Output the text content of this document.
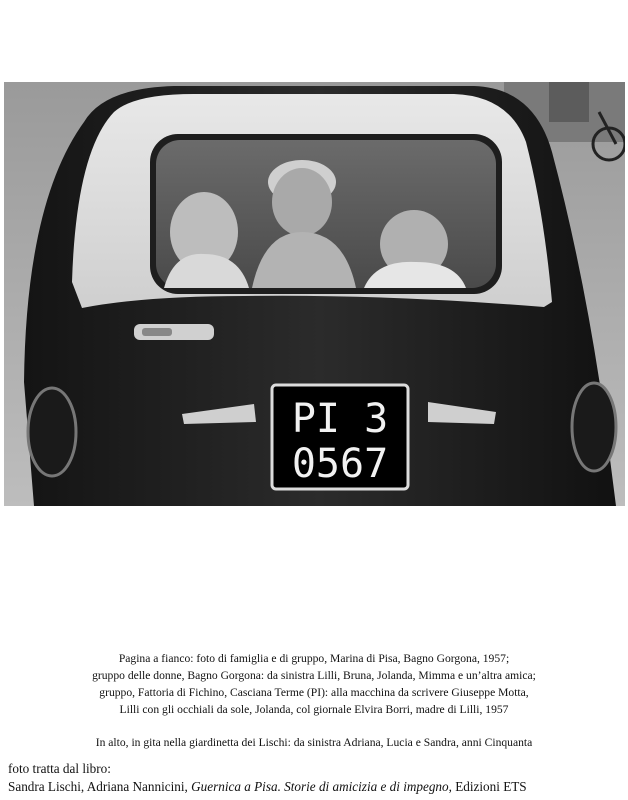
PI 3
0567

Pagina a fianco: foto di famiglia e di gruppo, Marina di Pisa, Bagno Gorgona, 1957;

gruppo delle donne, Bagno Gorgona: da sinistra Lilli, Bruna, Jolanda, Mimma e un’altra amica;

gruppo, Fattoria di Fichino, Casciana Terme (PI): alla macchina da scrivere Giuseppe Motta,

Lilli con gli occhiali da sole, Jolanda, col giornale Elvira Borri, madre di Lilli, 1957

In alto, in gita nella giardinetta dei Lischi: da sinistra Adriana, Lucia e Sandra, anni Cinquanta

foto tratta dal libro:

Sandra Lischi, Adriana Nannicini, Guernica a Pisa. Storie di amicizia e di impegno, Edizioni ETS
